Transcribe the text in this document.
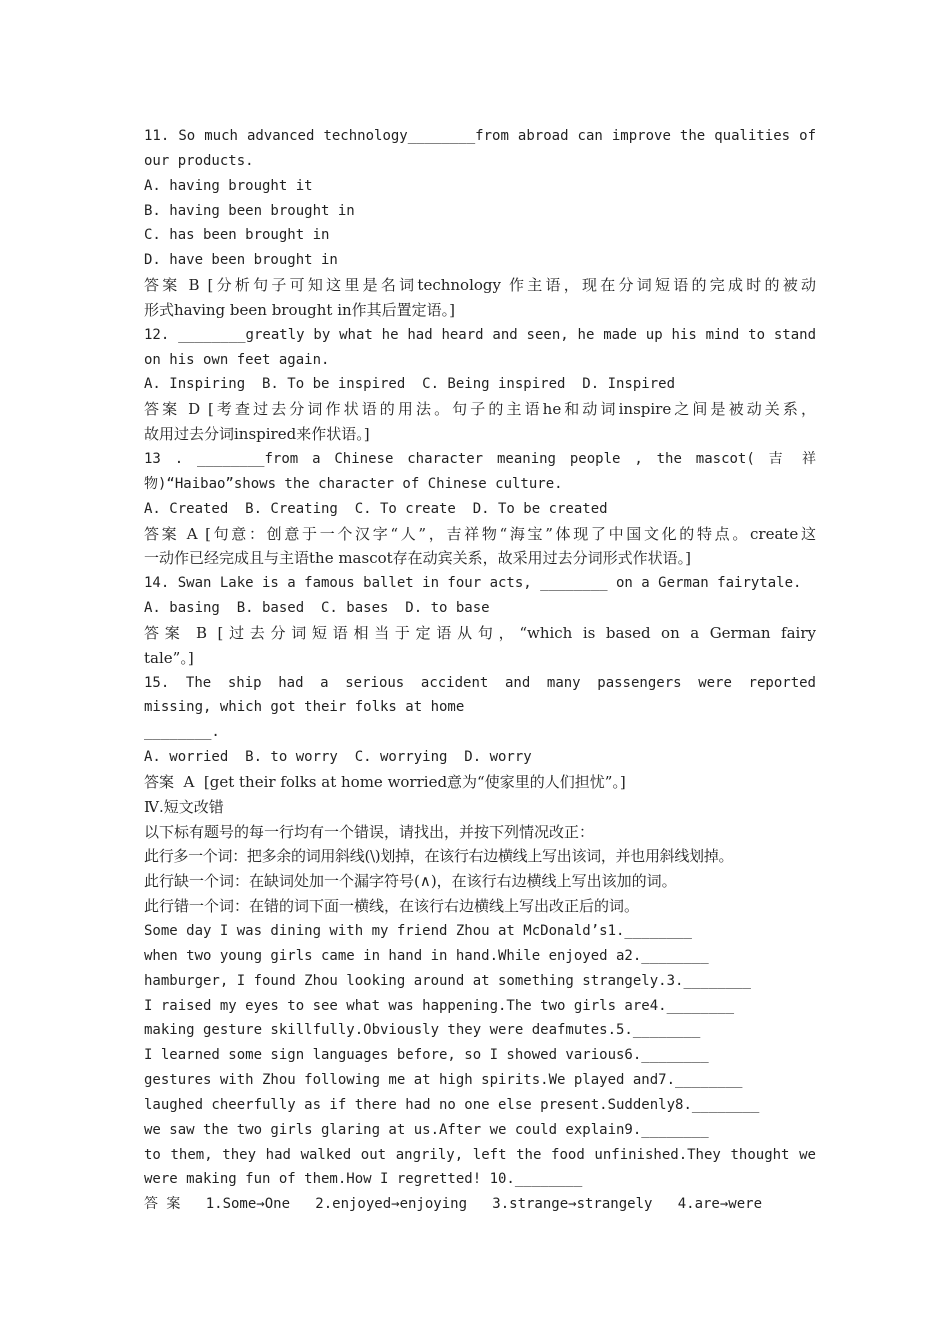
11. So much advanced technology________from abroad can improve the qualities of
our products.
A. having brought it
B. having been brought in
C. has been brought in
D. have been brought in
答案 B [分析句子可知这里是名词technology 作主语，现在分词短语的完成时的被动
形式having been brought in作其后置定语。]
12. ________greatly by what he had heard and seen, he made up his mind to stand
on his own feet again.
A. Inspiring  B. To be inspired  C. Being inspired  D. Inspired
答案 D [考查过去分词作状语的用法。句子的主语he和动词inspire之间是被动关系，
故用过去分词inspired来作状语。]
13 . ________from a Chinese character meaning people , the mascot( 吉 祥
物)“Haibao”shows the character of Chinese culture.
A. Created  B. Creating  C. To create  D. To be created
答案 A [句意：创意于一个汉字“人”，吉祥物“海宝”体现了中国文化的特点。create这
一动作已经完成且与主语the mascot存在动宾关系，故采用过去分词形式作状语。]
14. Swan Lake is a famous ballet in four acts, ________ on a German fairytale.
A. basing  B. based  C. bases  D. to base
答案 B [过去分词短语相当于定语从句，“which is based on a German fairy
tale”。]
15. The ship had a serious accident and many passengers were reported
missing, which got their folks at home
________.
A. worried  B. to worry  C. worrying  D. worry
答案  A  [get their folks at home worried意为“使家里的人们担忧”。]
Ⅳ.短文改错
以下标有题号的每一行均有一个错误，请找出，并按下列情况改正：
此行多一个词：把多余的词用斜线(\)划掉，在该行右边横线上写出该词，并也用斜线划掉。
此行缺一个词：在缺词处加一个漏字符号(∧)，在该行右边横线上写出该加的词。
此行错一个词：在错的词下面一横线，在该行右边横线上写出改正后的词。
Some day I was dining with my friend Zhou at McDonald’s1.________
when two young girls came in hand in hand.While enjoyed a2.________
hamburger, I found Zhou looking around at something strangely.3.________
I raised my eyes to see what was happening.The two girls are4.________
making gesture skillfully.Obviously they were deafmutes.5.________
I learned some sign languages before, so I showed various6.________
gestures with Zhou following me at high spirits.We played and7.________
laughed cheerfully as if there had no one else present.Suddenly8.________
we saw the two girls glaring at us.After we could explain9.________
to them, they had walked out angrily, left the food unfinished.They thought we
were making fun of them.How I regretted! 10.________
答 案   1.Some→One   2.enjoyed→enjoying   3.strange→strangely   4.are→were
